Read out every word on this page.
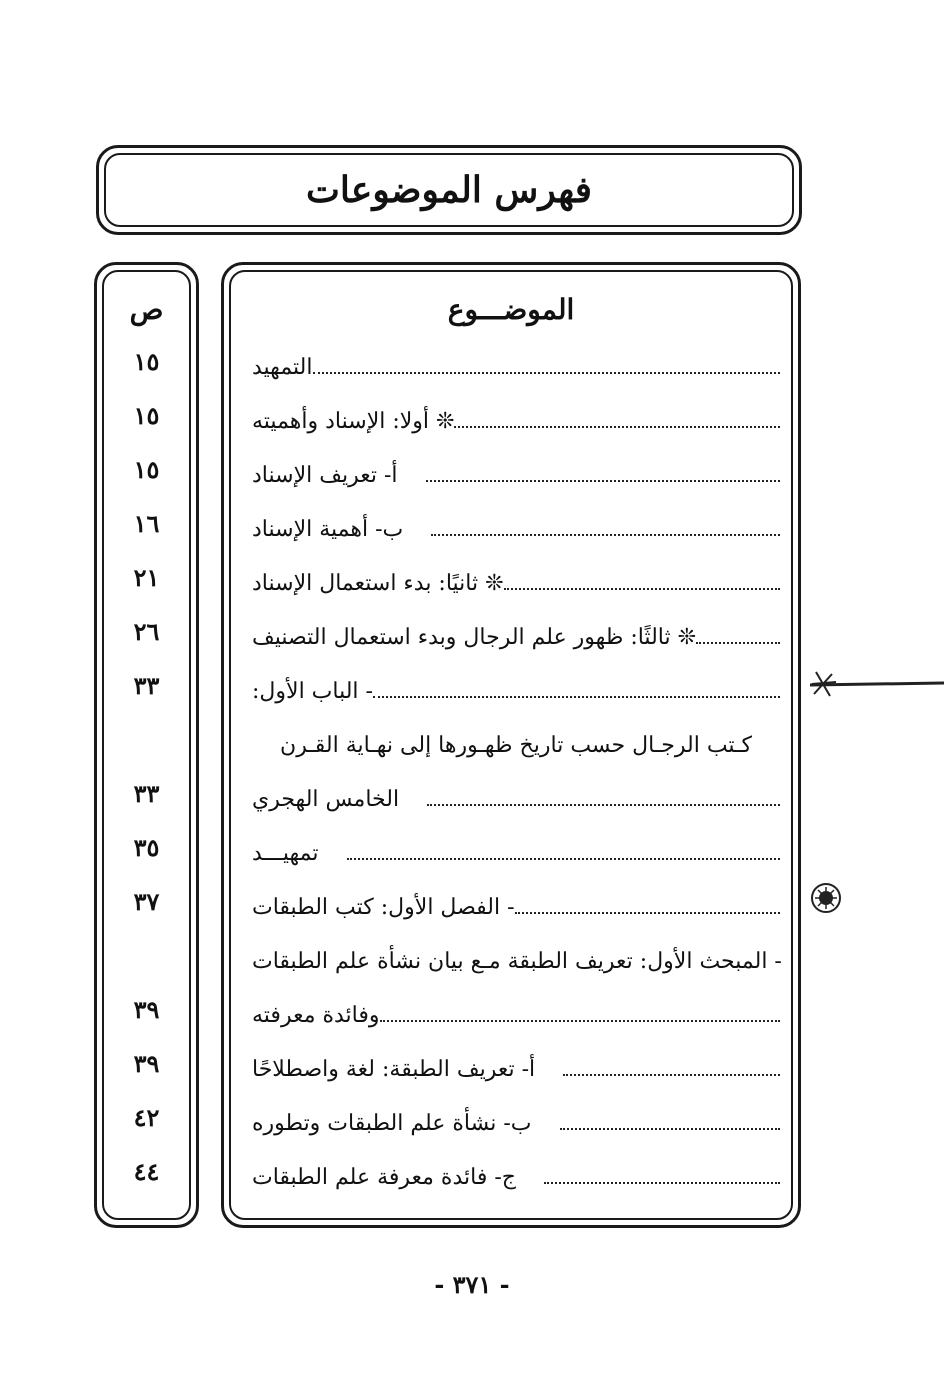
فهرس الموضوعات
ص
١٥
١٥
١٥
١٦
٢١
٢٦
٣٣
٣٣
٣٥
٣٧
٣٩
٣٩
٤٢
٤٤
الموضـــوع
التمهيد
❊ أولا: الإسناد وأهميته
أ- تعريف الإسناد
ب- أهمية الإسناد
❊ ثانيًا: بدء استعمال الإسناد
❊ ثالثًا: ظهور علم الرجال وبدء استعمال التصنيف
- الباب الأول:
كـتب الرجـال حسب تاريخ ظهـورها إلى نهـاية القـرن
الخامس الهجري
تمهيـــد
- الفصل الأول: كتب الطبقات
- المبحث الأول: تعريف الطبقة مـع بيان نشأة علم الطبقات
وفائدة معرفته
أ- تعريف الطبقة: لغة واصطلاحًا
ب- نشأة علم الطبقات وتطوره
ج- فائدة معرفة علم الطبقات
- ٣٧١ -
